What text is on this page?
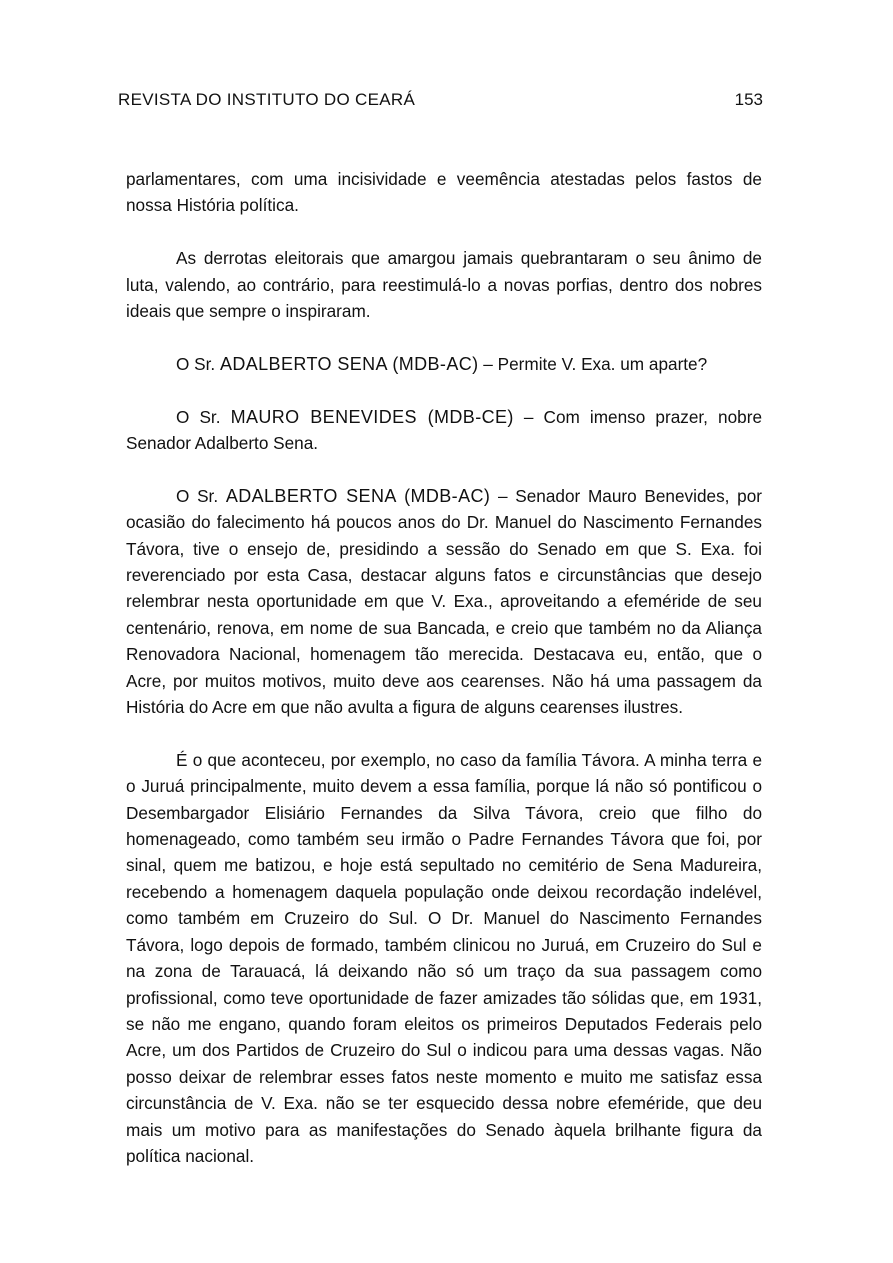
REVISTA DO INSTITUTO DO CEARÁ	153

parlamentares, com uma incisividade e veemência atestadas pelos fastos de nossa História política.

As derrotas eleitorais que amargou jamais quebrantaram o seu ânimo de luta, valendo, ao contrário, para reestimulá-lo a novas porfias, dentro dos nobres ideais que sempre o inspiraram.

O Sr. ADALBERTO SENA (MDB-AC) – Permite V. Exa. um aparte?

O Sr. MAURO BENEVIDES (MDB-CE) – Com imenso prazer, nobre Senador Adalberto Sena.

O Sr. ADALBERTO SENA (MDB-AC) – Senador Mauro Benevides, por ocasião do falecimento há poucos anos do Dr. Manuel do Nascimento Fernandes Távora, tive o ensejo de, presidindo a sessão do Senado em que S. Exa. foi reverenciado por esta Casa, destacar alguns fatos e circunstâncias que desejo relembrar nesta oportunidade em que V. Exa., aproveitando a efeméride de seu centenário, renova, em nome de sua Bancada, e creio que também no da Aliança Renovadora Nacional, homenagem tão merecida. Destacava eu, então, que o Acre, por muitos motivos, muito deve aos cearenses. Não há uma passagem da História do Acre em que não avulta a figura de alguns cearenses ilustres.

É o que aconteceu, por exemplo, no caso da família Távora. A minha terra e o Juruá principalmente, muito devem a essa família, porque lá não só pontificou o Desembargador Elisiário Fernandes da Silva Távora, creio que filho do homenageado, como também seu irmão o Padre Fernandes Távora que foi, por sinal, quem me batizou, e hoje está sepultado no cemitério de Sena Madureira, recebendo a homenagem daquela população onde deixou recordação indelével, como também em Cruzeiro do Sul. O Dr. Manuel do Nascimento Fernandes Távora, logo depois de formado, também clinicou no Juruá, em Cruzeiro do Sul e na zona de Tarauacá, lá deixando não só um traço da sua passagem como profissional, como teve oportunidade de fazer amizades tão sólidas que, em 1931, se não me engano, quando foram eleitos os primeiros Deputados Federais pelo Acre, um dos Partidos de Cruzeiro do Sul o indicou para uma dessas vagas. Não posso deixar de relembrar esses fatos neste momento e muito me satisfaz essa circunstância de V. Exa. não se ter esquecido dessa nobre efeméride, que deu mais um motivo para as manifestações do Senado àquela brilhante figura da política nacional.
